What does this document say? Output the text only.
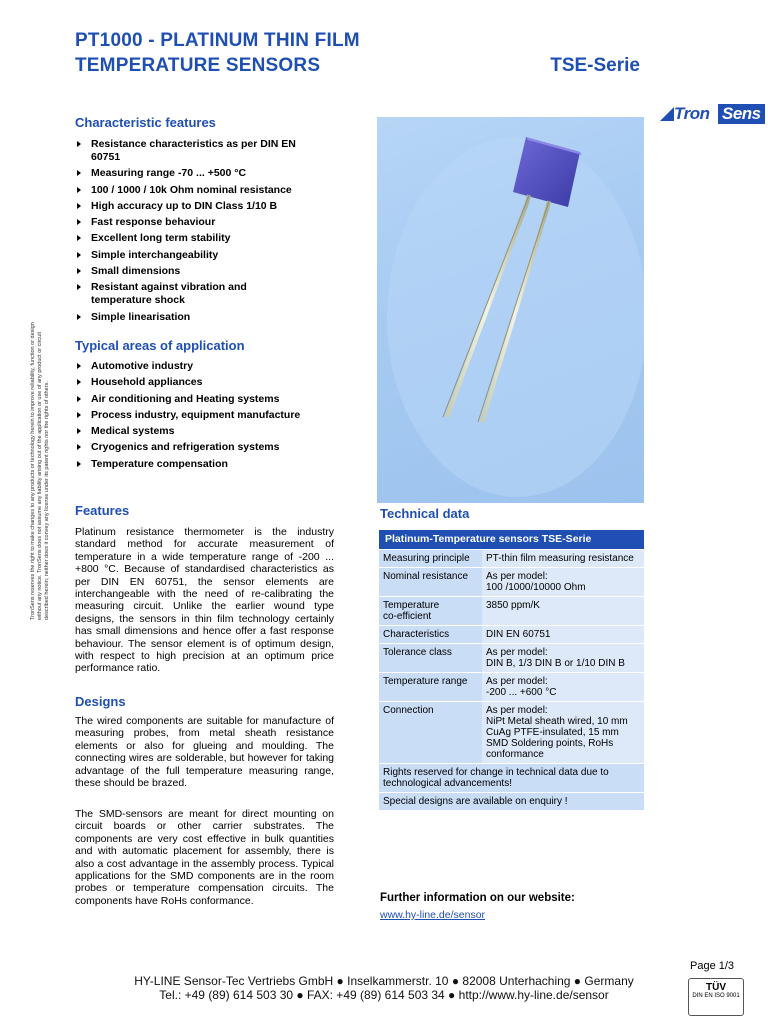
PT1000 - PLATINUM THIN FILM
TEMPERATURE SENSORS	TSE-Serie
Tron Sens
Characteristic features
Resistance characteristics as per DIN EN 60751
Measuring range -70 ... +500 °C
100 / 1000 / 10k Ohm nominal resistance
High accuracy up to DIN Class 1/10 B
Fast response behaviour
Excellent long term stability
Simple interchangeability
Small dimensions
Resistant against vibration and temperature shock
Simple linearisation
Typical areas of application
Automotive industry
Household appliances
Air conditioning and Heating systems
Process industry, equipment manufacture
Medical systems
Cryogenics and refrigeration systems
Temperature compensation
TronSens reserves the right to make changes to any products or technology herein to improve reliability, function or design without any notice. TronSens does not assume any liability arising out of the application or use of any product or circuit described herein; neither does it convey any license under its patent rights nor the rights of others. Features

Platinum resistance thermometer is the industry standard method for accurate measurement of temperature in a wide temperature range of -200 ... +800 °C. Because of standardised characteristics as per DIN EN 60751, the sensor elements are interchangeable with the need of re-calibrating the measuring circuit. Unlike the earlier wound type designs, the sensors in thin film technology certainly has small dimensions and hence offer a fast response behaviour. The sensor element is of optimum design, with respect to high precision at an optimum price performance ratio.

Designs

The wired components are suitable for manufacture of measuring probes, from metal sheath resistance elements or also for glueing and moulding. The connecting wires are solderable, but however for taking advantage of the full temperature measuring range, these should be brazed.

The SMD-sensors are meant for direct mounting on circuit boards or other carrier substrates. The components are very cost effective in bulk quantities and with automatic placement for assembly, there is also a cost advantage in the assembly process. Typical applications for the SMD components are in the room probes or temperature compensation circuits. The components have RoHs conformance.

Technical data
Platinum-Temperature sensors TSE-Serie	
Measuring principle	PT-thin film measuring resistance
Nominal resistance	As per model:
100 /1000/10000 Ohm
Temperature
co-efficient	3850 ppm/K
Characteristics	DIN EN 60751
Tolerance class	As per model:
DIN B, 1/3 DIN B or 1/10 DIN B
Temperature range	As per model:
-200 ... +600 °C
Connection	As per model:
NiPt Metal sheath wired, 10 mm
CuAg PTFE-insulated, 15 mm
SMD Soldering points, RoHs conformance
Rights reserved for change in technical data due to technological advancements!	
Special designs are available on enquiry !	
Further information on our website:
www.hy-line.de/sensor
Page 1/3
HY-LINE Sensor-Tec Vertriebs GmbH ● Inselkammerstr. 10 ● 82008 Unterhaching ● Germany
Tel.: +49 (89) 614 503 30 ● FAX: +49 (89) 614 503 34 ● http://www.hy-line.de/sensor
TÜV
DIN EN ISO 9001
